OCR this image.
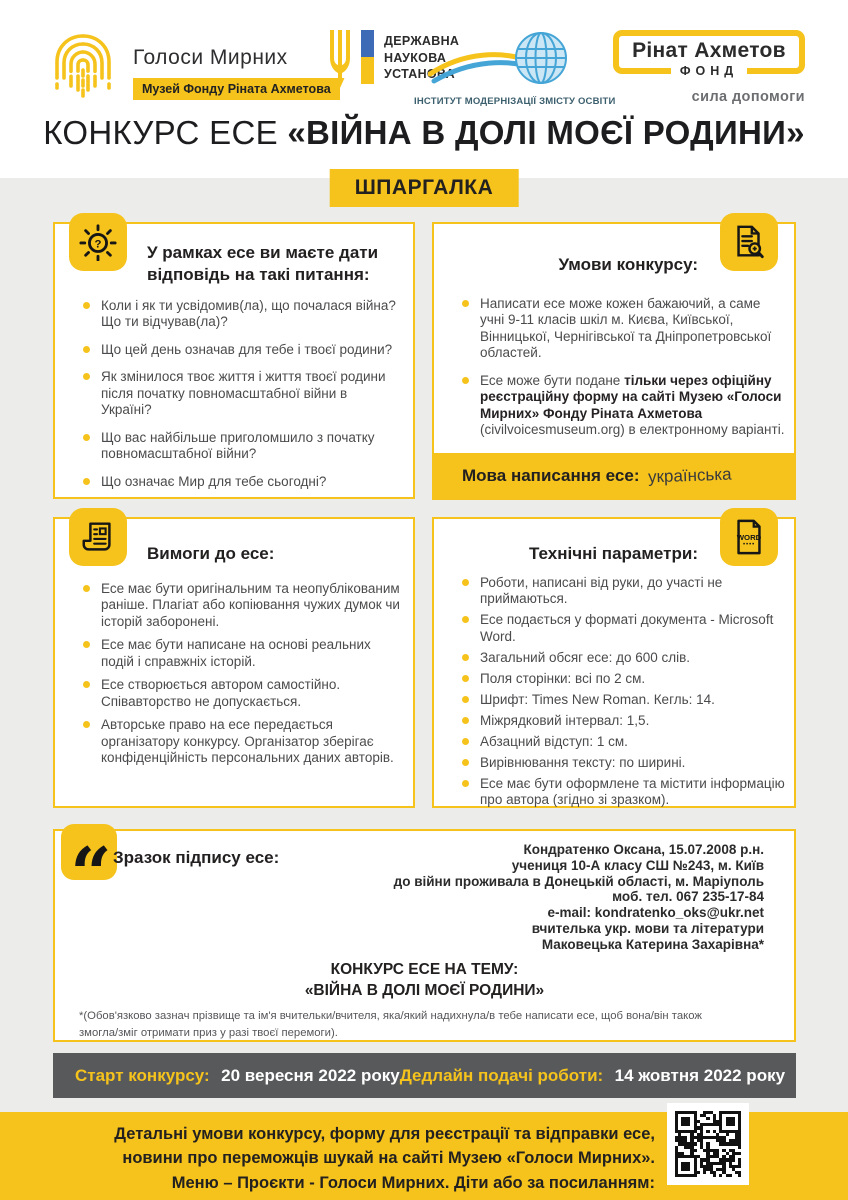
Голоси Мирних
Музей Фонду Ріната Ахметова
ДЕРЖАВНА
НАУКОВА
УСТАНОВА
ІНСТИТУТ МОДЕРНІЗАЦІЇ ЗМІСТУ ОСВІТИ
Рінат Ахметов
ФОНД
сила допомоги
КОНКУРС ЕСЕ «ВІЙНА В ДОЛІ МОЄЇ РОДИНИ»
ШПАРГАЛКА
?	У рамках есе ви маєте дати відповідь на такі питання:
Коли і як ти усвідомив(ла), що почалася війна? Що ти відчував(ла)?
Що цей день означав для тебе і твоєї родини?
Як змінилося твоє життя і життя твоєї родини після початку повномасштабної війни в Україні?
Що вас найбільше приголомшило з початку повномасштабної війни?
Що означає Мир для тебе сьогодні?
Умови конкурсу:
Написати есе може кожен бажаючий, а саме учні 9-11 класів шкіл м. Києва, Київської, Вінницької, Чернігівської та Дніпропетровської областей.
Есе може бути подане тільки через офіційну реєстраційну форму на сайті Музею «Голоси Мирних» Фонду Ріната Ахметова (civilvoicesmuseum.org) в електронному варіанті.
Мова написання есе: українська
Вимоги до есе:
Есе має бути оригінальним та неопублікованим раніше. Плагіат або копіювання чужих думок чи історій заборонені.
Есе має бути написане на основі реальних подій і справжніх історій.
Есе створюється автором самостійно. Співавторство не допускається.
Авторське право на есе передається організатору конкурсу. Організатор зберігає конфіденційність персональних даних авторів.
WORD
Технічні параметри:
Роботи, написані від руки, до участі не приймаються.
Есе подається у форматі документа - Microsoft Word.
Загальний обсяг есе: до 600 слів.
Поля сторінки: всі по 2 см.
Шрифт: Times New Roman. Кегль: 14.
Міжрядковий інтервал: 1,5.
Абзацний відступ: 1 см.
Вирівнювання тексту: по ширині.
Есе має бути оформлене та містити інформацію про автора (згідно зі зразком).
“ Зразок підпису есе:	Кондратенко Оксана, 15.07.2008 р.н.
учениця 10-А класу СШ №243, м. Київ
до війни проживала в Донецькій області, м. Маріуполь
моб. тел. 067 235-17-84
e-mail: kondratenko_oks@ukr.net
вчителька укр. мови та літератури
Маковецька Катерина Захарівна*
КОНКУРС ЕСЕ НА ТЕМУ:
«ВІЙНА В ДОЛІ МОЄЇ РОДИНИ»
*(Обов'язково зазнач прізвище та ім'я вчительки/вчителя, яка/який надихнула/в тебе написати есе, щоб вона/він також змогла/зміг отримати приз у разі твоєї перемоги).
Старт конкурсу: 20 вересня 2022 року Дедлайн подачі роботи: 14 жовтня 2022 року
Детальні умови конкурсу, форму для реєстрації та відправки есе,
новини про переможців шукай на сайті Музею «Голоси Мирних».
Меню – Проєкти - Голоси Мирних. Діти або за посиланням:
